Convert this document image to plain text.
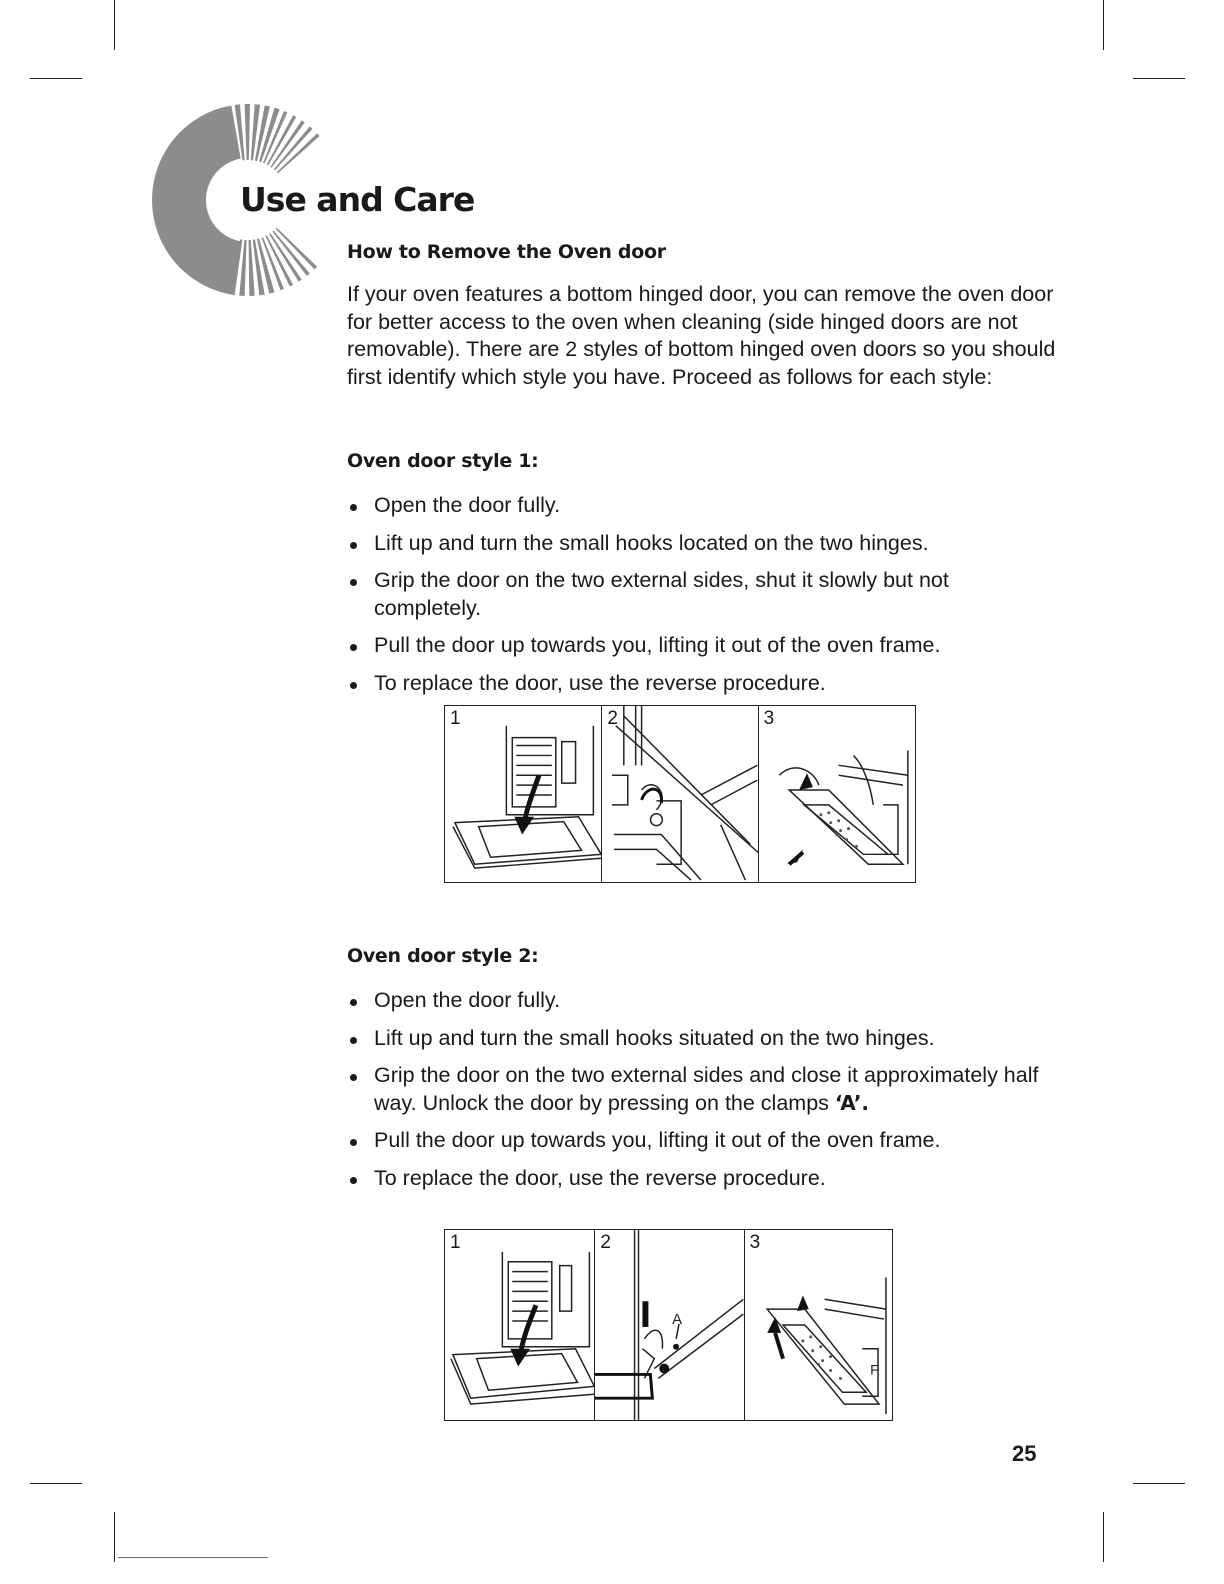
Use and Care
How to Remove the Oven door

If your oven features a bottom hinged door, you can remove the oven door for better access to the oven when cleaning (side hinged doors are not removable). There are 2 styles of bottom hinged oven doors so you should first identify which style you have. Proceed as follows for each style:

Oven door style 1:
Open the door fully.
Lift up and turn the small hooks located on the two hinges.
Grip the door on the two external sides, shut it slowly but not completely.
Pull the door up towards you, lifting it out of the oven frame.
To replace the door, use the reverse procedure.
1	2	3
Oven door style 2:
Open the door fully.
Lift up and turn the small hooks situated on the two hinges.
Grip the door on the two external sides and close it approximately half way. Unlock the door by pressing on the clamps ‘A’.
Pull the door up towards you, lifting it out of the oven frame.
To replace the door, use the reverse procedure.
1
A
2
F
3
25
